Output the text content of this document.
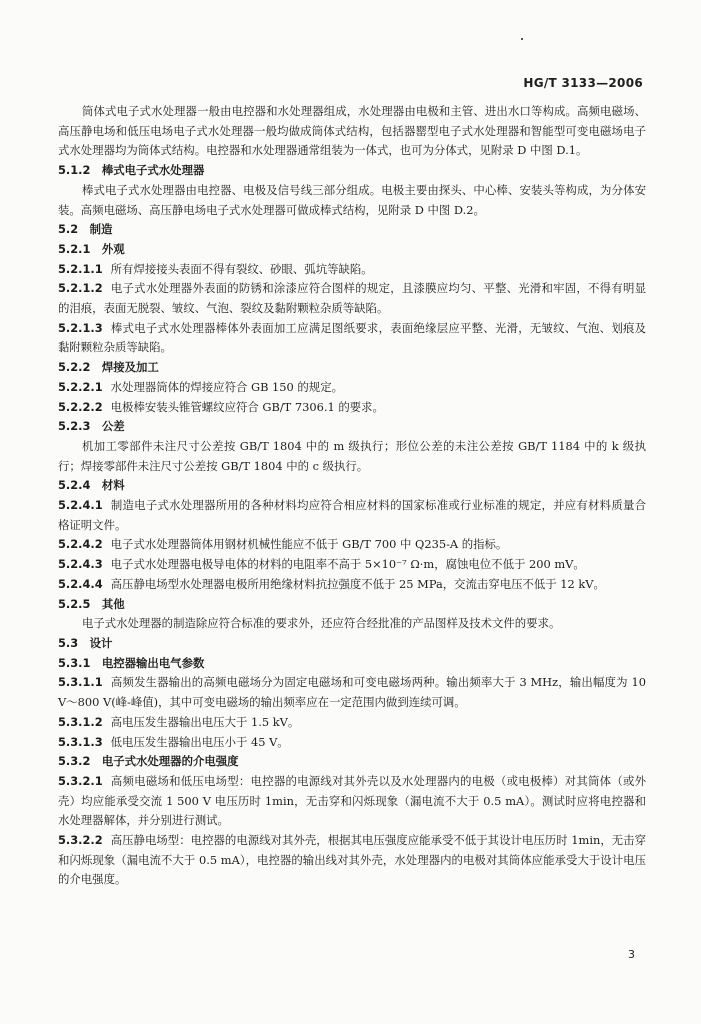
HG/T 3133—2006

筒体式电子式水处理器一般由电控器和水处理器组成，水处理器由电极和主管、进出水口等构成。高频电磁场、高压静电场和低压电场电子式水处理器一般均做成筒体式结构，包括器罂型电子式水处理器和智能型可变电磁场电子式水处理器均为筒体式结构。电控器和水处理器通常组装为一体式，也可为分体式，见附录 D 中图 D.1。

5.1.2 棒式电子式水处理器

棒式电子式水处理器由电控器、电极及信号线三部分组成。电极主要由探头、中心棒、安装头等构成，为分体安装。高频电磁场、高压静电场电子式水处理器可做成棒式结构，见附录 D 中图 D.2。

5.2 制造

5.2.1 外观

5.2.1.1 所有焊接接头表面不得有裂纹、砂眼、弧坑等缺陷。

5.2.1.2 电子式水处理器外表面的防锈和涂漆应符合图样的规定，且漆膜应均匀、平整、光滑和牢固，不得有明显的泪痕，表面无脱裂、皱纹、气泡、裂纹及黏附颗粒杂质等缺陷。

5.2.1.3 棒式电子式水处理器棒体外表面加工应满足图纸要求，表面绝缘层应平整、光滑，无皱纹、气泡、划痕及黏附颗粒杂质等缺陷。

5.2.2 焊接及加工

5.2.2.1 水处理器筒体的焊接应符合 GB 150 的规定。

5.2.2.2 电极棒安装头锥管螺纹应符合 GB/T 7306.1 的要求。

5.2.3 公差

机加工零部件未注尺寸公差按 GB/T 1804 中的 m 级执行；形位公差的未注公差按 GB/T 1184 中的 k 级执行；焊接零部件未注尺寸公差按 GB/T 1804 中的 c 级执行。

5.2.4 材料

5.2.4.1 制造电子式水处理器所用的各种材料均应符合相应材料的国家标准或行业标准的规定，并应有材料质量合格证明文件。

5.2.4.2 电子式水处理器筒体用钢材机械性能应不低于 GB/T 700 中 Q235-A 的指标。

5.2.4.3 电子式水处理器电极导电体的材料的电阻率不高于 5×10⁻⁷ Ω·m，腐蚀电位不低于 200 mV。

5.2.4.4 高压静电场型水处理器电极所用绝缘材料抗拉强度不低于 25 MPa，交流击穿电压不低于 12 kV。

5.2.5 其他

电子式水处理器的制造除应符合标准的要求外，还应符合经批准的产品图样及技术文件的要求。

5.3 设计

5.3.1 电控器输出电气参数

5.3.1.1 高频发生器输出的高频电磁场分为固定电磁场和可变电磁场两种。输出频率大于 3 MHz，输出幅度为 10 V～800 V(峰-峰值)，其中可变电磁场的输出频率应在一定范围内做到连续可调。

5.3.1.2 高电压发生器输出电压大于 1.5 kV。

5.3.1.3 低电压发生器输出电压小于 45 V。

5.3.2 电子式水处理器的介电强度

5.3.2.1 高频电磁场和低压电场型：电控器的电源线对其外壳以及水处理器内的电极（或电极棒）对其筒体（或外壳）均应能承受交流 1 500 V 电压历时 1min，无击穿和闪烁现象（漏电流不大于 0.5 mA）。测试时应将电控器和水处理器解体，并分别进行测试。

5.3.2.2 高压静电场型：电控器的电源线对其外壳，根据其电压强度应能承受不低于其设计电压历时 1min，无击穿和闪烁现象（漏电流不大于 0.5 mA），电控器的输出线对其外壳，水处理器内的电极对其筒体应能承受大于设计电压的介电强度。

3
